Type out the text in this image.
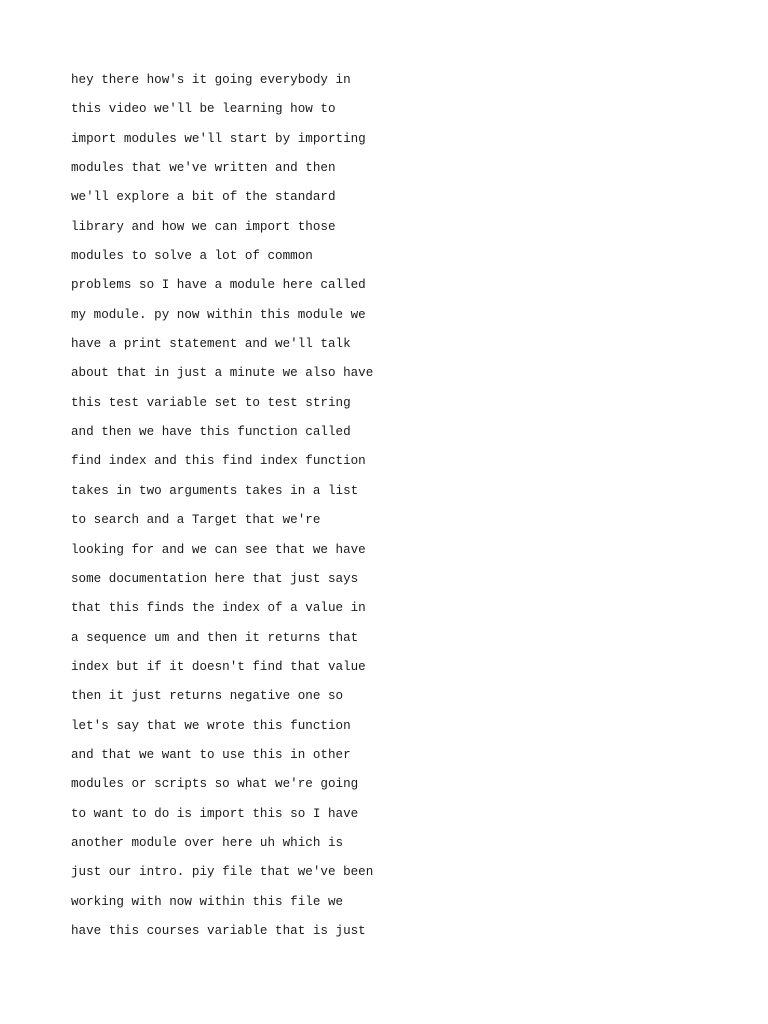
hey there how's it going everybody in
this video we'll be learning how to
import modules we'll start by importing
modules that we've written and then
we'll explore a bit of the standard
library and how we can import those
modules to solve a lot of common
problems so I have a module here called
my module. py now within this module we
have a print statement and we'll talk
about that in just a minute we also have
this test variable set to test string
and then we have this function called
find index and this find index function
takes in two arguments takes in a list
to search and a Target that we're
looking for and we can see that we have
some documentation here that just says
that this finds the index of a value in
a sequence um and then it returns that
index but if it doesn't find that value
then it just returns negative one so
let's say that we wrote this function
and that we want to use this in other
modules or scripts so what we're going
to want to do is import this so I have
another module over here uh which is
just our intro. piy file that we've been
working with now within this file we
have this courses variable that is just
